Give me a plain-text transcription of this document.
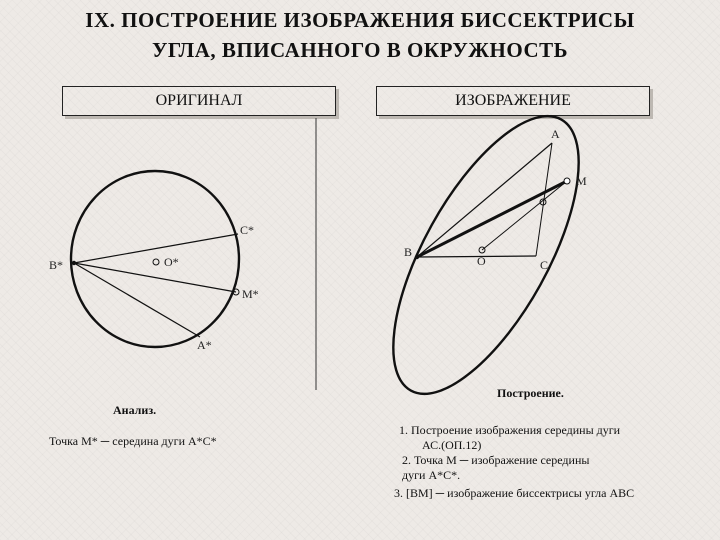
IX. ПОСТРОЕНИЕ ИЗОБРАЖЕНИЯ БИССЕКТРИСЫ
УГЛА, ВПИСАННОГО В ОКРУЖНОСТЬ
ОРИГИНАЛ	ИЗОБРАЖЕНИЕ
C*
B*	O*
M*
A*
A
M
B
O	C
Анализ.
Точка М* ─ середина дуги А*С*
Построение.
1. Построение изображения середины дуги
АС.(ОП.12)
2. Точка М ─ изображение середины
дуги А*С*.
3. [ВМ] ─ изображение биссектрисы угла АВС
